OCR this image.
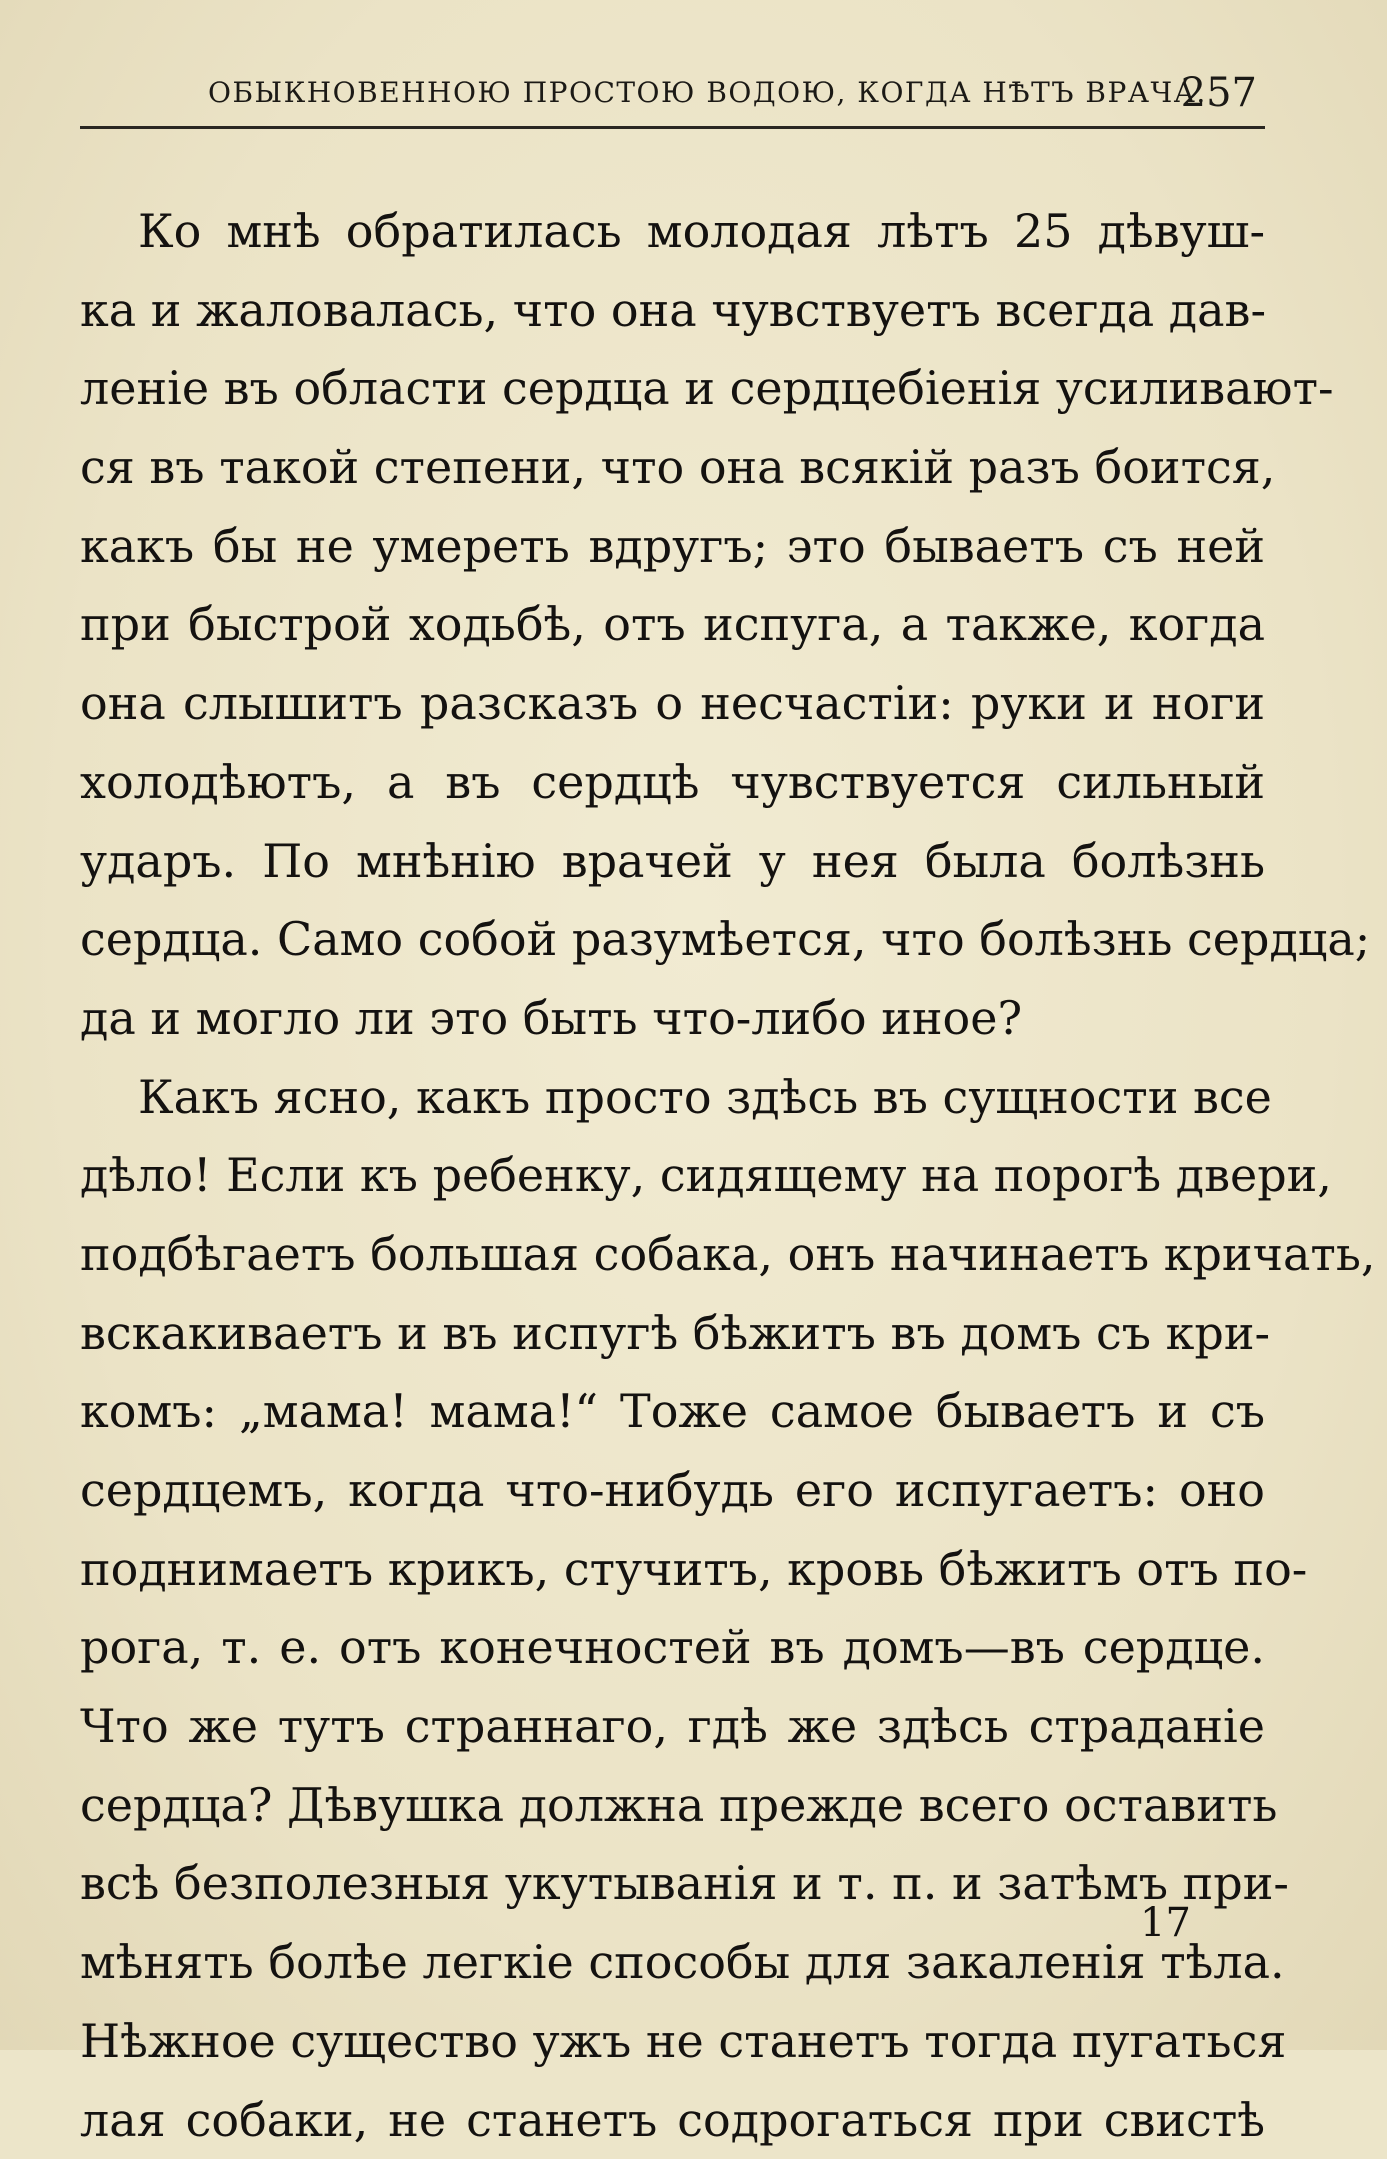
ОБЫКНОВЕННОЮ ПРОСТОЮ ВОДОЮ, КОГДА НѢТЪ ВРАЧА.
257
Ко мнѣ обратилась молодая лѣтъ 25 дѣвуш-
ка и жаловалась, что она чувствуетъ всегда дав-
леніе въ области сердца и сердцебіенія усиливают-
ся въ такой степени, что она всякій разъ боится,
какъ бы не умереть вдругъ; это бываетъ съ ней
при быстрой ходьбѣ, отъ испуга, а также, когда
она слышитъ разсказъ о несчастіи: руки и ноги
холодѣютъ, а въ сердцѣ чувствуется сильный
ударъ. По мнѣнію врачей у нея была болѣзнь
сердца. Само собой разумѣется, что болѣзнь сердца;
да и могло ли это быть что-либо иное?
Какъ ясно, какъ просто здѣсь въ сущности все
дѣло! Если къ ребенку, сидящему на порогѣ двери,
подбѣгаетъ большая собака, онъ начинаетъ кричать,
вскакиваетъ и въ испугѣ бѣжитъ въ домъ съ кри-
комъ: „мама! мама!“ Тоже самое бываетъ и съ
сердцемъ, когда что-нибудь его испугаетъ: оно
поднимаетъ крикъ, стучитъ, кровь бѣжитъ отъ по-
рога, т. е. отъ конечностей въ домъ—въ сердце.
Что же тутъ страннаго, гдѣ же здѣсь страданіе
сердца? Дѣвушка должна прежде всего оставить
всѣ безполезныя укутыванія и т. п. и затѣмъ при-
мѣнять болѣе легкіе способы для закаленія тѣла.
Нѣжное существо ужъ не станетъ тогда пугаться
лая собаки, не станетъ содрогаться при свистѣ
17
